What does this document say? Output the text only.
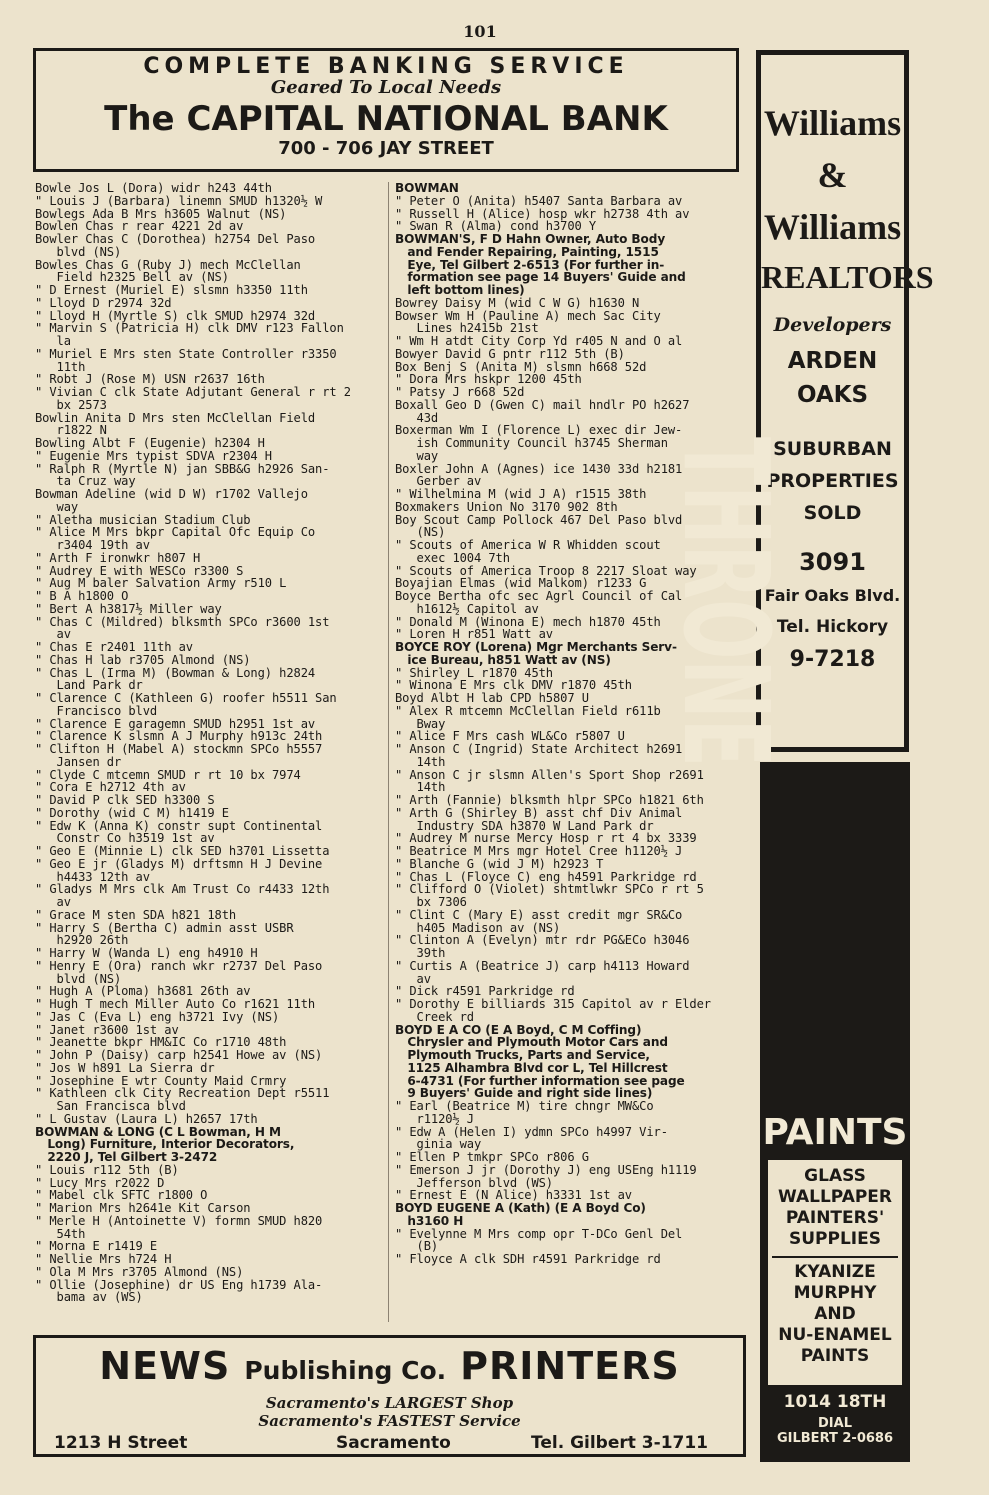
101
COMPLETE BANKING SERVICE
Geared To Local Needs
The CAPITAL NATIONAL BANK
700 - 706 JAY STREET
Bowle Jos L (Dora) widr h243 44th
" Louis J (Barbara) linemn SMUD h1320½ W
Bowlegs Ada B Mrs h3605 Walnut (NS)
Bowlen Chas r rear 4221 2d av
Bowler Chas C (Dorothea) h2754 Del Paso
blvd (NS)
Bowles Chas G (Ruby J) mech McClellan
Field h2325 Bell av (NS)
" D Ernest (Muriel E) slsmn h3350 11th
" Lloyd D r2974 32d
" Lloyd H (Myrtle S) clk SMUD h2974 32d
" Marvin S (Patricia H) clk DMV r123 Fallon
la
" Muriel E Mrs sten State Controller r3350
11th
" Robt J (Rose M) USN r2637 16th
" Vivian C clk State Adjutant General r rt 2
bx 2573
Bowlin Anita D Mrs sten McClellan Field
r1822 N
Bowling Albt F (Eugenie) h2304 H
" Eugenie Mrs typist SDVA r2304 H
" Ralph R (Myrtle N) jan SBB&G h2926 San-
ta Cruz way
Bowman Adeline (wid D W) r1702 Vallejo
way
" Aletha musician Stadium Club
" Alice M Mrs bkpr Capital Ofc Equip Co
r3404 19th av
" Arth F ironwkr h807 H
" Audrey E with WESCo r3300 S
" Aug M baler Salvation Army r510 L
" B A h1800 O
" Bert A h3817½ Miller way
" Chas C (Mildred) blksmth SPCo r3600 1st
av
" Chas E r2401 11th av
" Chas H lab r3705 Almond (NS)
" Chas L (Irma M) (Bowman & Long) h2824
Land Park dr
" Clarence C (Kathleen G) roofer h5511 San
Francisco blvd
" Clarence E garagemn SMUD h2951 1st av
" Clarence K slsmn A J Murphy h913c 24th
" Clifton H (Mabel A) stockmn SPCo h5557
Jansen dr
" Clyde C mtcemn SMUD r rt 10 bx 7974
" Cora E h2712 4th av
" David P clk SED h3300 S
" Dorothy (wid C M) h1419 E
" Edw K (Anna K) constr supt Continental
Constr Co h3519 1st av
" Geo E (Minnie L) clk SED h3701 Lissetta
" Geo E jr (Gladys M) drftsmn H J Devine
h4433 12th av
" Gladys M Mrs clk Am Trust Co r4433 12th
av
" Grace M sten SDA h821 18th
" Harry S (Bertha C) admin asst USBR
h2920 26th
" Harry W (Wanda L) eng h4910 H
" Henry E (Ora) ranch wkr r2737 Del Paso
blvd (NS)
" Hugh A (Ploma) h3681 26th av
" Hugh T mech Miller Auto Co r1621 11th
" Jas C (Eva L) eng h3721 Ivy (NS)
" Janet r3600 1st av
" Jeanette bkpr HM&IC Co r1710 48th
" John P (Daisy) carp h2541 Howe av (NS)
" Jos W h891 La Sierra dr
" Josephine E wtr County Maid Crmry
" Kathleen clk City Recreation Dept r5511
San Francisca blvd
" L Gustav (Laura L) h2657 17th
BOWMAN & LONG (C L Bowman, H M
Long) Furniture, Interior Decorators,
2220 J, Tel Gilbert 3-2472
" Louis r112 5th (B)
" Lucy Mrs r2022 D
" Mabel clk SFTC r1800 O
" Marion Mrs h2641e Kit Carson
" Merle H (Antoinette V) formn SMUD h820
54th
" Morna E r1419 E
" Nellie Mrs h724 H
" Ola M Mrs r3705 Almond (NS)
" Ollie (Josephine) dr US Eng h1739 Ala-
bama av (WS)
BOWMAN
" Peter O (Anita) h5407 Santa Barbara av
" Russell H (Alice) hosp wkr h2738 4th av
" Swan R (Alma) cond h3700 Y
BOWMAN'S, F D Hahn Owner, Auto Body
and Fender Repairing, Painting, 1515
Eye, Tel Gilbert 2-6513 (For further in-
formation see page 14 Buyers' Guide and
left bottom lines)
Bowrey Daisy M (wid C W G) h1630 N
Bowser Wm H (Pauline A) mech Sac City
Lines h2415b 21st
" Wm H atdt City Corp Yd r405 N and O al
Bowyer David G pntr r112 5th (B)
Box Benj S (Anita M) slsmn h668 52d
" Dora Mrs hskpr 1200 45th
" Patsy J r668 52d
Boxall Geo D (Gwen C) mail hndlr PO h2627
43d
Boxerman Wm I (Florence L) exec dir Jew-
ish Community Council h3745 Sherman
way
Boxler John A (Agnes) ice 1430 33d h2181
Gerber av
" Wilhelmina M (wid J A) r1515 38th
Boxmakers Union No 3170 902 8th
Boy Scout Camp Pollock 467 Del Paso blvd
(NS)
" Scouts of America W R Whidden scout
exec 1004 7th
" Scouts of America Troop 8 2217 Sloat way
Boyajian Elmas (wid Malkom) r1233 G
Boyce Bertha ofc sec Agrl Council of Cal
h1612½ Capitol av
" Donald M (Winona E) mech h1870 45th
" Loren H r851 Watt av
BOYCE ROY (Lorena) Mgr Merchants Serv-
ice Bureau, h851 Watt av (NS)
" Shirley L r1870 45th
" Winona E Mrs clk DMV r1870 45th
Boyd Albt H lab CPD h5807 U
" Alex R mtcemn McClellan Field r611b
Bway
" Alice F Mrs cash WL&Co r5807 U
" Anson C (Ingrid) State Architect h2691
14th
" Anson C jr slsmn Allen's Sport Shop r2691
14th
" Arth (Fannie) blksmth hlpr SPCo h1821 6th
" Arth G (Shirley B) asst chf Div Animal
Industry SDA h3870 W Land Park dr
" Audrey M nurse Mercy Hosp r rt 4 bx 3339
" Beatrice M Mrs mgr Hotel Cree h1120½ J
" Blanche G (wid J M) h2923 T
" Chas L (Floyce C) eng h4591 Parkridge rd
" Clifford O (Violet) shtmtlwkr SPCo r rt 5
bx 7306
" Clint C (Mary E) asst credit mgr SR&Co
h405 Madison av (NS)
" Clinton A (Evelyn) mtr rdr PG&ECo h3046
39th
" Curtis A (Beatrice J) carp h4113 Howard
av
" Dick r4591 Parkridge rd
" Dorothy E billiards 315 Capitol av r Elder
Creek rd
BOYD E A CO (E A Boyd, C M Coffing)
Chrysler and Plymouth Motor Cars and
Plymouth Trucks, Parts and Service,
1125 Alhambra Blvd cor L, Tel Hillcrest
6-4731 (For further information see page
9 Buyers' Guide and right side lines)
" Earl (Beatrice M) tire chngr MW&Co
r1120½ J
" Edw A (Helen I) ydmn SPCo h4997 Vir-
ginia way
" Ellen P tmkpr SPCo r806 G
" Emerson J jr (Dorothy J) eng USEng h1119
Jefferson blvd (WS)
" Ernest E (N Alice) h3331 1st av
BOYD EUGENE A (Kath) (E A Boyd Co)
h3160 H
" Evelynne M Mrs comp opr T-DCo Genl Del
(B)
" Floyce A clk SDH r4591 Parkridge rd
NEWS Publishing Co. PRINTERS
Sacramento's LARGEST Shop
Sacramento's FASTEST Service
1213 H Street	Sacramento	Tel. Gilbert 3-1711
Williams
&
Williams
REALTORS
Developers
ARDEN
OAKS
SUBURBAN
PROPERTIES
SOLD
3091
Fair Oaks Blvd.
Tel. Hickory
9-7218
THRONE
PAINTS
GLASS
WALLPAPER
PAINTERS'
SUPPLIES
KYANIZE
MURPHY
AND
NU-ENAMEL
PAINTS
1014 18TH
DIAL
GILBERT 2-0686
